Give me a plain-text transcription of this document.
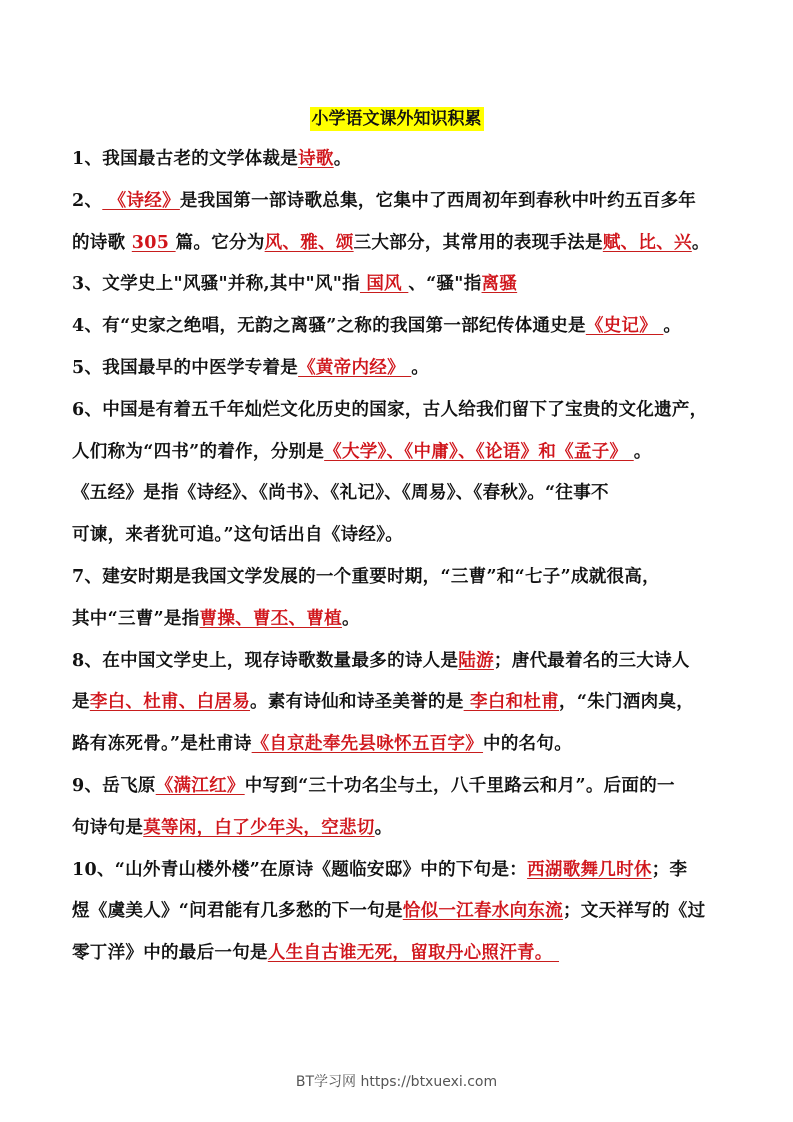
小学语文课外知识积累
1、我国最古老的文学体裁是诗歌。
2、 《诗经》是我国第一部诗歌总集，它集中了西周初年到春秋中叶约五百多年
的诗歌 305 篇。它分为风、雅、颂三大部分，其常用的表现手法是赋、比、兴。
3、文学史上"风骚"并称,其中"风"指 国风 、“骚"指离骚
4、有“史家之绝唱，无韵之离骚”之称的我国第一部纪传体通史是《史记》 。
5、我国最早的中医学专着是《黄帝内经》 。
6、中国是有着五千年灿烂文化历史的国家，古人给我们留下了宝贵的文化遗产，
人们称为“四书”的着作，分别是《大学》、《中庸》、《论语》和《孟子》 。
《五经》是指《诗经》、《尚书》、《礼记》、《周易》、《春秋》。“往事不
可谏，来者犹可追。”这句话出自《诗经》。
7、建安时期是我国文学发展的一个重要时期，“三曹”和“七子”成就很高，
其中“三曹”是指曹操、曹丕、曹植。
8、在中国文学史上，现存诗歌数量最多的诗人是陆游；唐代最着名的三大诗人
是李白、杜甫、白居易。素有诗仙和诗圣美誉的是 李白和杜甫，“朱门酒肉臭，
路有冻死骨。”是杜甫诗《自京赴奉先县咏怀五百字》中的名句。
9、岳飞原《满江红》中写到“三十功名尘与土，八千里路云和月”。后面的一
句诗句是莫等闲，白了少年头，空悲切。
10、“山外青山楼外楼”在原诗《题临安邸》中的下句是：西湖歌舞几时休；李
煜《虞美人》“问君能有几多愁的下一句是恰似一江春水向东流；文天祥写的《过
零丁洋》中的最后一句是人生自古谁无死，留取丹心照汗青。
BT学习网 https://btxuexi.com
